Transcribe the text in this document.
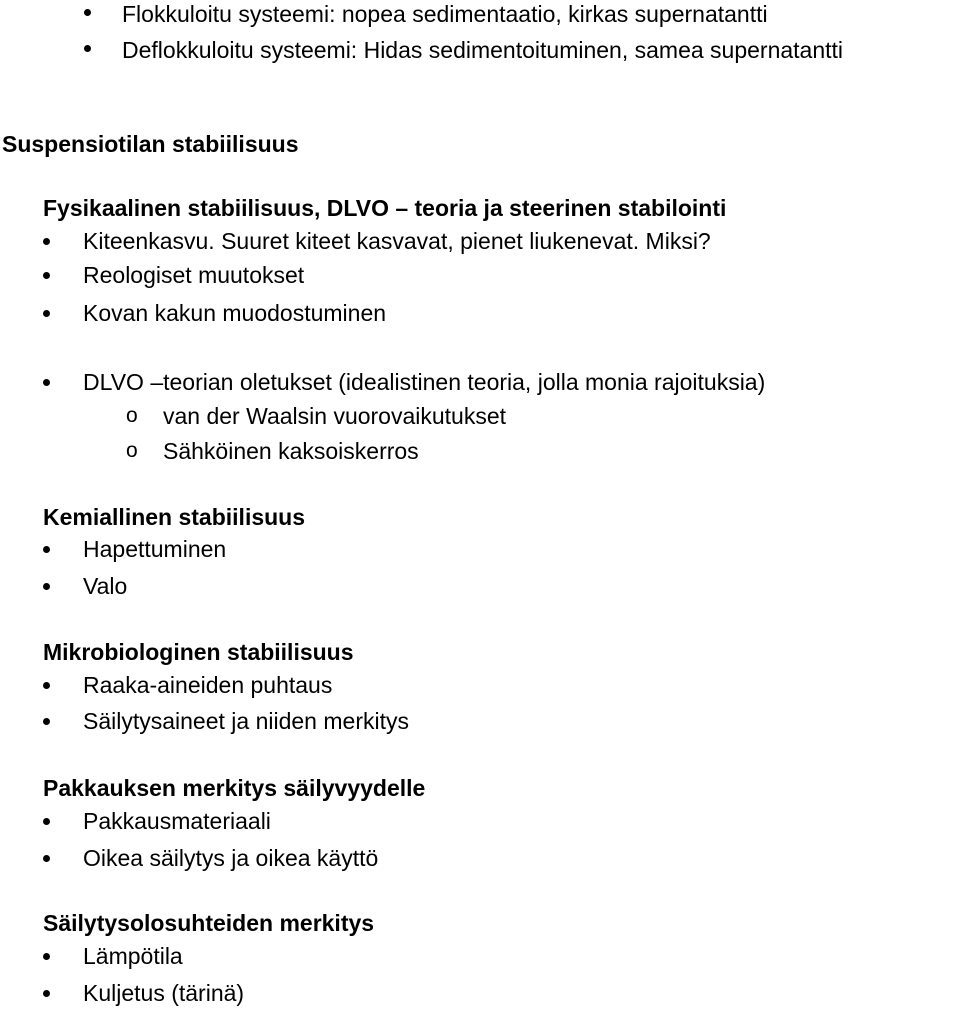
Flokkuloitu systeemi: nopea sedimentaatio, kirkas supernatantti
Deflokkuloitu systeemi: Hidas sedimentoituminen, samea supernatantti
Suspensiotilan stabiilisuus
Fysikaalinen stabiilisuus, DLVO – teoria ja steerinen stabilointi
Kiteenkasvu. Suuret kiteet kasvavat, pienet liukenevat. Miksi?
Reologiset muutokset
Kovan kakun muodostuminen
DLVO –teorian oletukset (idealistinen teoria, jolla monia rajoituksia)
o van der Waalsin vuorovaikutukset
o Sähköinen kaksoiskerros
Kemiallinen stabiilisuus
Hapettuminen
Valo
Mikrobiologinen stabiilisuus
Raaka-aineiden puhtaus
Säilytysaineet ja niiden merkitys
Pakkauksen merkitys säilyvyydelle
Pakkausmateriaali
Oikea säilytys ja oikea käyttö
Säilytysolosuhteiden merkitys
Lämpötila
Kuljetus (tärinä)
